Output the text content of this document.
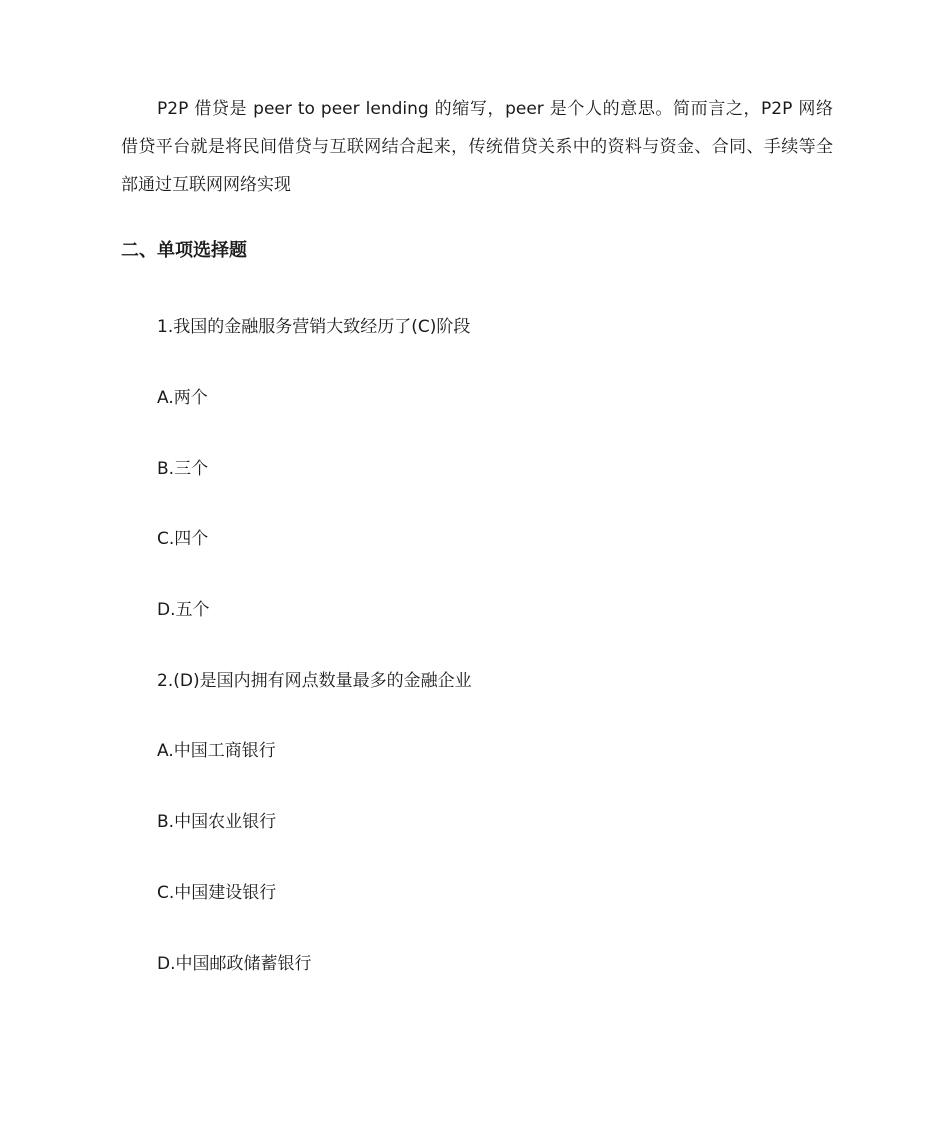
P2P 借贷是 peer to peer lending 的缩写，peer 是个人的意思。简而言之，P2P 网络借贷平台就是将民间借贷与互联网结合起来，传统借贷关系中的资料与资金、合同、手续等全部通过互联网网络实现

二、单项选择题

1.我国的金融服务营销大致经历了(C)阶段

A.两个

B.三个

C.四个

D.五个

2.(D)是国内拥有网点数量最多的金融企业

A.中国工商银行

B.中国农业银行

C.中国建设银行

D.中国邮政储蓄银行
